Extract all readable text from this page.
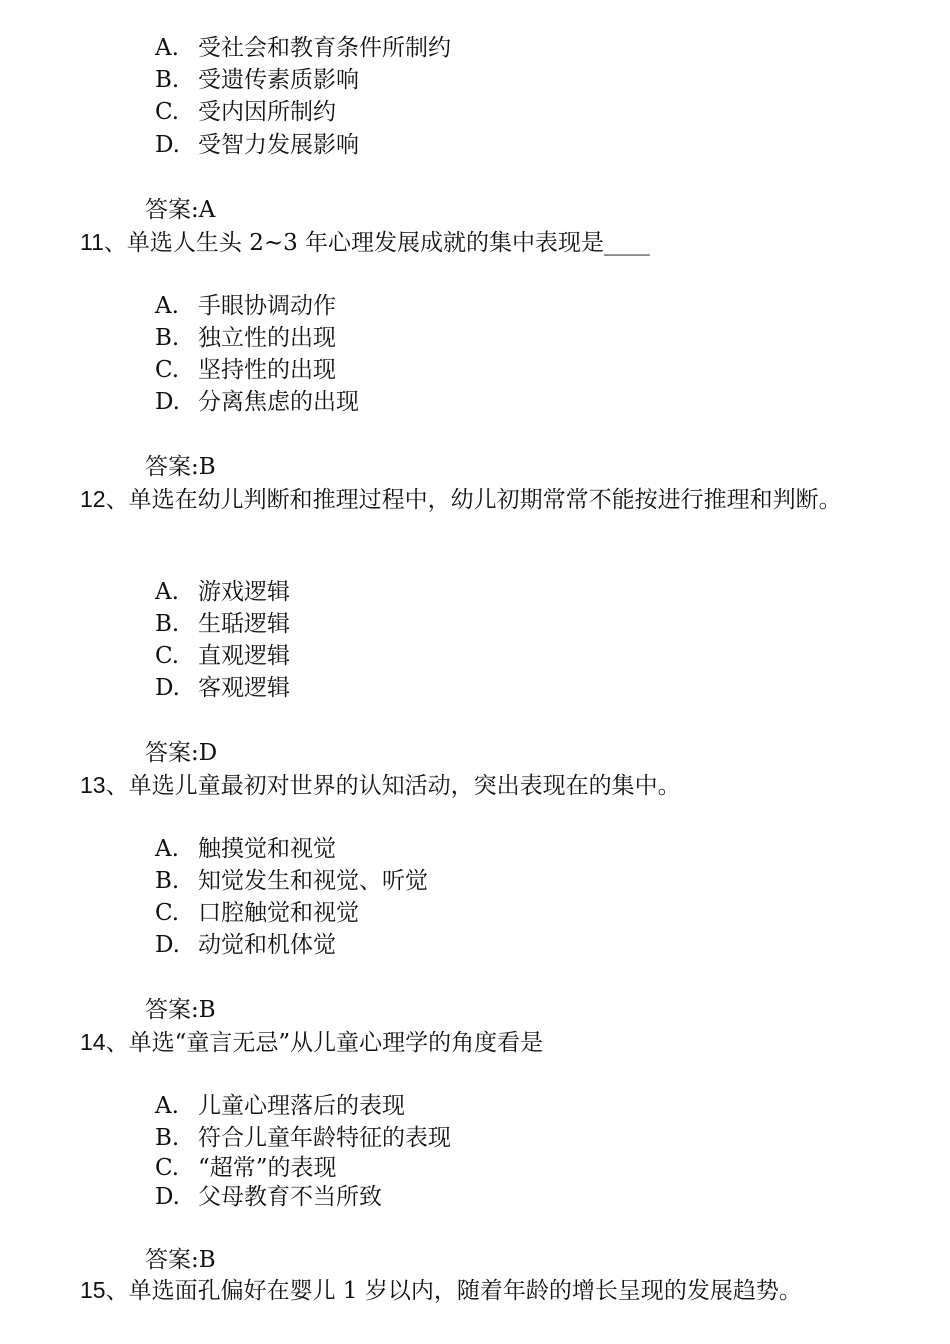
A. 受社会和教育条件所制约
B. 受遗传素质影响
C. 受内因所制约
D. 受智力发展影响
答案:A
11、单选人生头 2~3 年心理发展成就的集中表现是____
A. 手眼协调动作
B. 独立性的出现
C. 坚持性的出现
D. 分离焦虑的出现
答案:B
12、单选在幼儿判断和推理过程中，幼儿初期常常不能按进行推理和判断。
A. 游戏逻辑
B. 生聒逻辑
C. 直观逻辑
D. 客观逻辑
答案:D
13、单选儿童最初对世界的认知活动，突出表现在的集中。
A. 触摸觉和视觉
B. 知觉发生和视觉、听觉
C. 口腔触觉和视觉
D. 动觉和机体觉
答案:B
14、单选“童言无忌”从儿童心理学的角度看是
A. 儿童心理落后的表现
B. 符合儿童年龄特征的表现
C. “超常”的表现
D. 父母教育不当所致
答案:B
15、单选面孔偏好在婴儿 1 岁以内，随着年龄的增长呈现的发展趋势。
